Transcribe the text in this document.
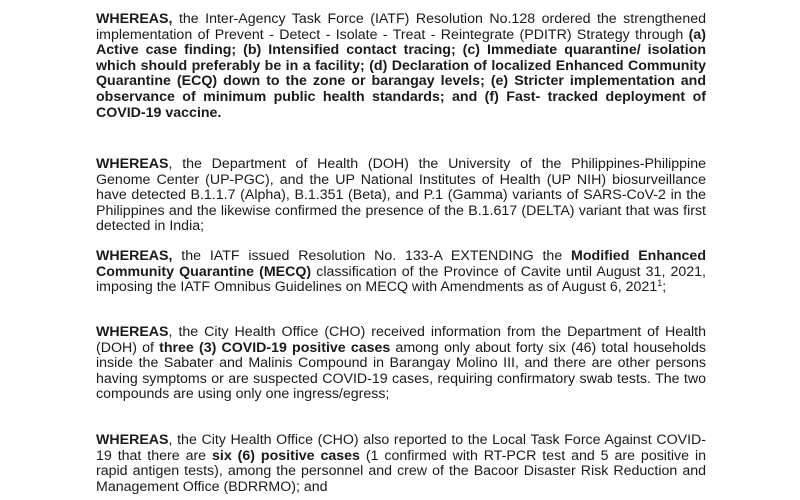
WHEREAS, the Inter-Agency Task Force (IATF) Resolution No.128 ordered the strengthened implementation of Prevent - Detect - Isolate - Treat - Reintegrate (PDITR) Strategy through (a) Active case finding; (b) Intensified contact tracing; (c) Immediate quarantine/ isolation which should preferably be in a facility; (d) Declaration of localized Enhanced Community Quarantine (ECQ) down to the zone or barangay levels; (e) Stricter implementation and observance of minimum public health standards; and (f) Fast- tracked deployment of COVID-19 vaccine.

WHEREAS, the Department of Health (DOH) the University of the Philippines-Philippine Genome Center (UP-PGC), and the UP National Institutes of Health (UP NIH) biosurveillance have detected B.1.1.7 (Alpha), B.1.351 (Beta), and P.1 (Gamma) variants of SARS-CoV-2 in the Philippines and the likewise confirmed the presence of the B.1.617 (DELTA) variant that was first detected in India;

WHEREAS, the IATF issued Resolution No. 133-A EXTENDING the Modified Enhanced Community Quarantine (MECQ) classification of the Province of Cavite until August 31, 2021, imposing the IATF Omnibus Guidelines on MECQ with Amendments as of August 6, 2021$^1$;

WHEREAS, the City Health Office (CHO) received information from the Department of Health (DOH) of three (3) COVID-19 positive cases among only about forty six (46) total households inside the Sabater and Malinis Compound in Barangay Molino III, and there are other persons having symptoms or are suspected COVID-19 cases, requiring confirmatory swab tests. The two compounds are using only one ingress/egress;

WHEREAS, the City Health Office (CHO) also reported to the Local Task Force Against COVID-19 that there are six (6) positive cases (1 confirmed with RT-PCR test and 5 are positive in rapid antigen tests), among the personnel and crew of the Bacoor Disaster Risk Reduction and Management Office (BDRRMO); and
